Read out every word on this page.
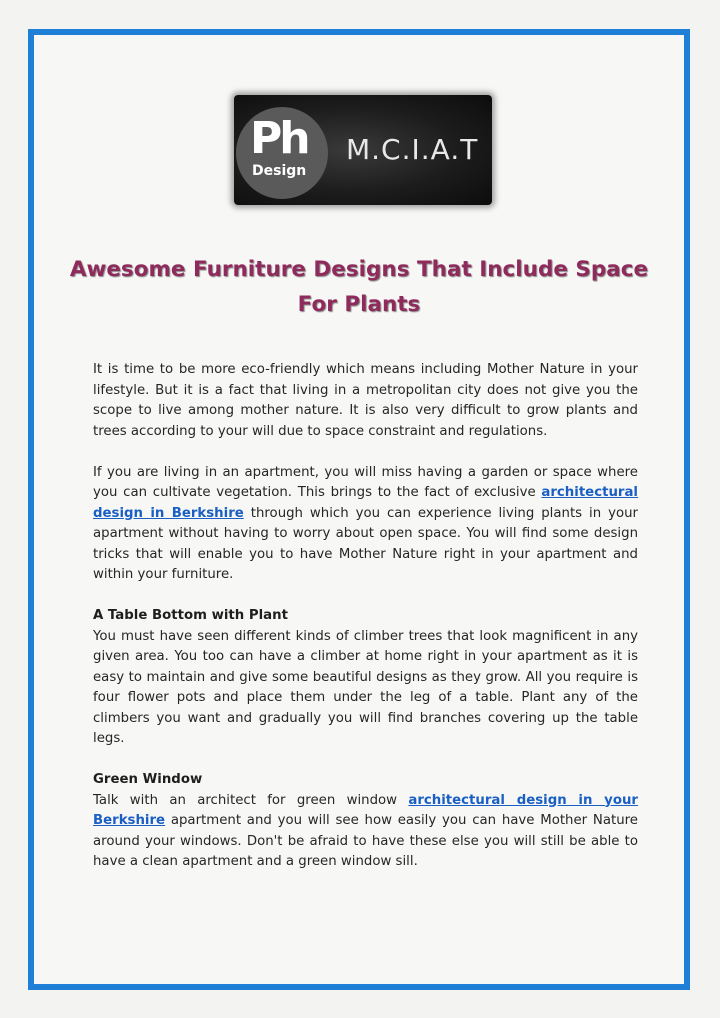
Ph
Design
M.C.I.A.T
Awesome Furniture Designs That Include Space For Plants

It is time to be more eco-friendly which means including Mother Nature in your lifestyle. But it is a fact that living in a metropolitan city does not give you the scope to live among mother nature. It is also very difficult to grow plants and trees according to your will due to space constraint and regulations.

If you are living in an apartment, you will miss having a garden or space where you can cultivate vegetation. This brings to the fact of exclusive architectural design in Berkshire through which you can experience living plants in your apartment without having to worry about open space. You will find some design tricks that will enable you to have Mother Nature right in your apartment and within your furniture.

A Table Bottom with Plant

You must have seen different kinds of climber trees that look magnificent in any given area. You too can have a climber at home right in your apartment as it is easy to maintain and give some beautiful designs as they grow. All you require is four flower pots and place them under the leg of a table. Plant any of the climbers you want and gradually you will find branches covering up the table legs.

Green Window

Talk with an architect for green window architectural design in your Berkshire apartment and you will see how easily you can have Mother Nature around your windows. Don't be afraid to have these else you will still be able to have a clean apartment and a green window sill.
